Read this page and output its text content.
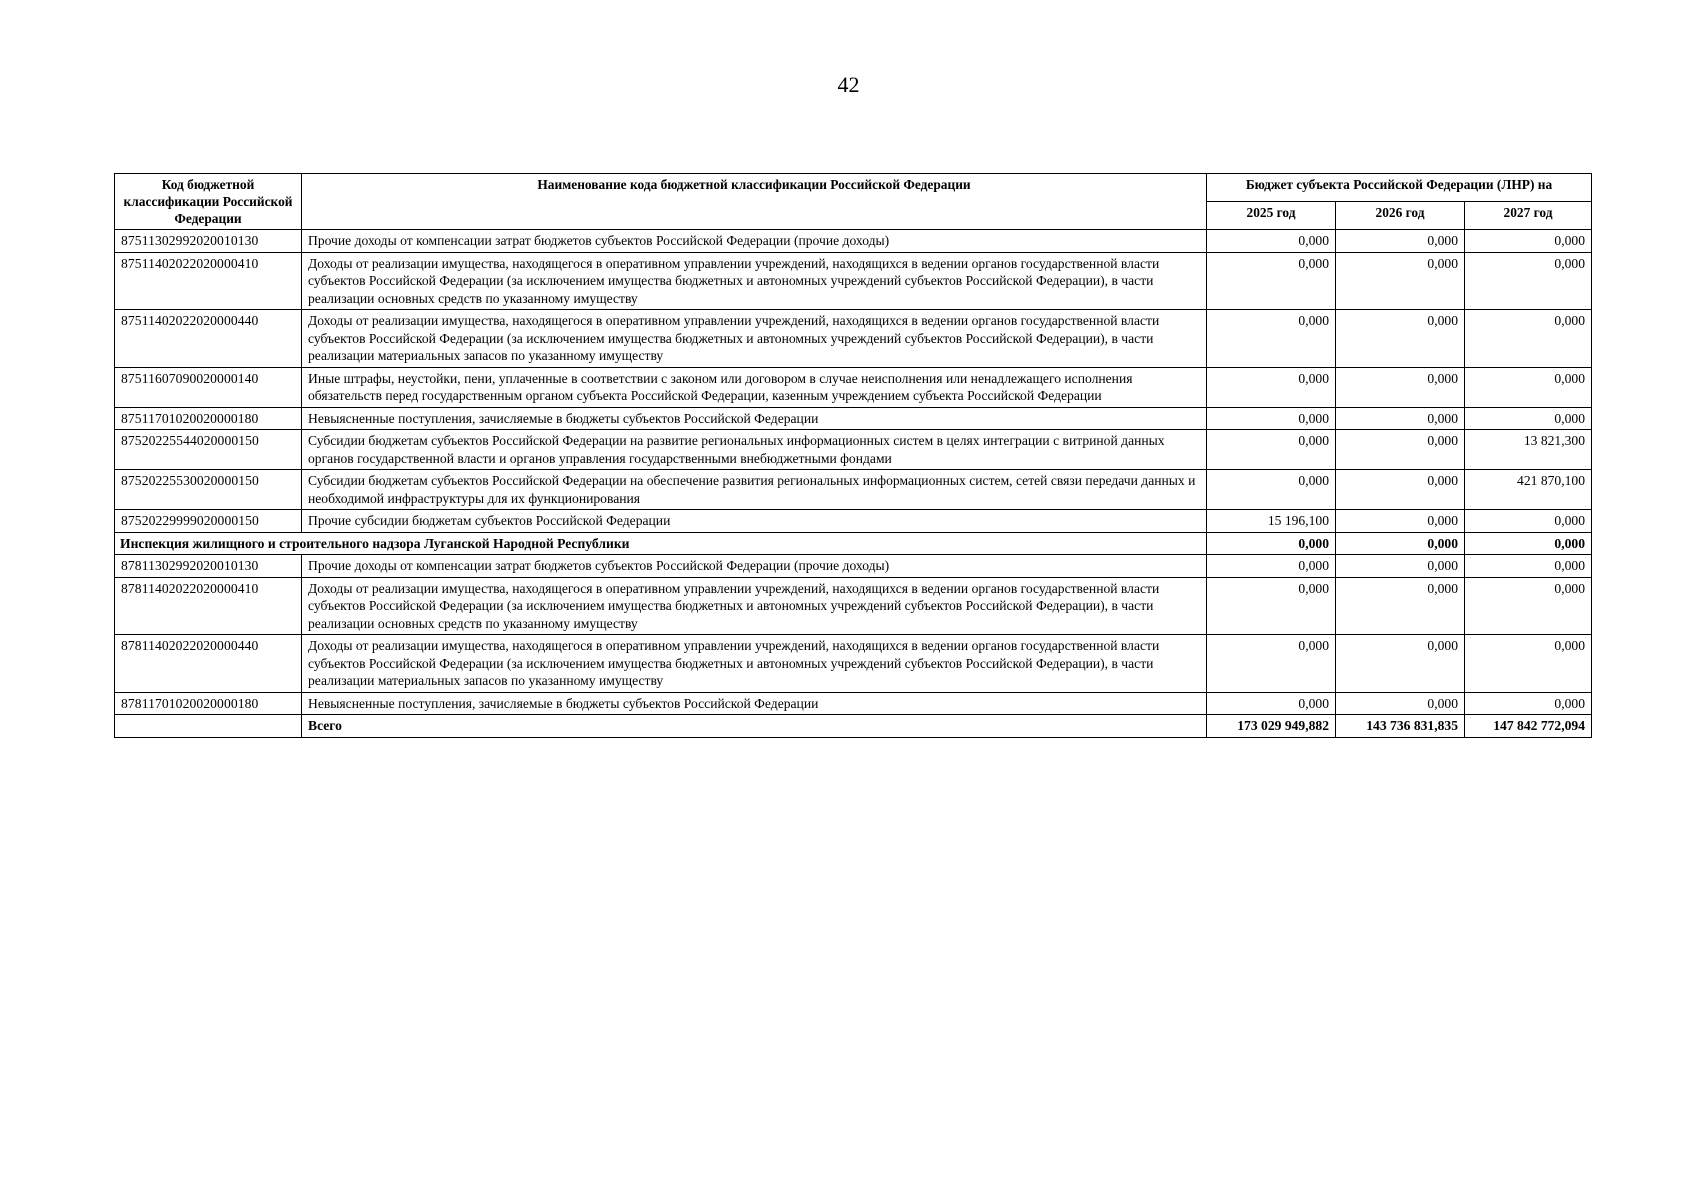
42
Код бюджетной классификации Российской Федерации	Наименование кода бюджетной классификации Российской Федерации	Бюджет субъекта Российской Федерации (ЛНР) на		
		2025 год	2026 год	2027 год
87511302992020010130	Прочие доходы от компенсации затрат бюджетов субъектов Российской Федерации (прочие доходы)	0,000	0,000	0,000
87511402022020000410	Доходы от реализации имущества, находящегося в оперативном управлении учреждений, находящихся в ведении органов государственной власти субъектов Российской Федерации (за исключением имущества бюджетных и автономных учреждений субъектов Российской Федерации), в части реализации основных средств по указанному имуществу	0,000	0,000	0,000
87511402022020000440	Доходы от реализации имущества, находящегося в оперативном управлении учреждений, находящихся в ведении органов государственной власти субъектов Российской Федерации (за исключением имущества бюджетных и автономных учреждений субъектов Российской Федерации), в части реализации материальных запасов по указанному имуществу	0,000	0,000	0,000
87511607090020000140	Иные штрафы, неустойки, пени, уплаченные в соответствии с законом или договором в случае неисполнения или ненадлежащего исполнения обязательств перед государственным органом субъекта Российской Федерации, казенным учреждением субъекта Российской Федерации	0,000	0,000	0,000
87511701020020000180	Невыясненные поступления, зачисляемые в бюджеты субъектов Российской Федерации	0,000	0,000	0,000
87520225544020000150	Субсидии бюджетам субъектов Российской Федерации на развитие региональных информационных систем в целях интеграции с витриной данных органов государственной власти и органов управления государственными внебюджетными фондами	0,000	0,000	13 821,300
87520225530020000150	Субсидии бюджетам субъектов Российской Федерации на обеспечение развития региональных информационных систем, сетей связи передачи данных и необходимой инфраструктуры для их функционирования	0,000	0,000	421 870,100
87520229999020000150	Прочие субсидии бюджетам субъектов Российской Федерации	15 196,100	0,000	0,000
Инспекция жилищного и строительного надзора Луганской Народной Республики		0,000	0,000	0,000
87811302992020010130	Прочие доходы от компенсации затрат бюджетов субъектов Российской Федерации (прочие доходы)	0,000	0,000	0,000
87811402022020000410	Доходы от реализации имущества, находящегося в оперативном управлении учреждений, находящихся в ведении органов государственной власти субъектов Российской Федерации (за исключением имущества бюджетных и автономных учреждений субъектов Российской Федерации), в части реализации основных средств по указанному имуществу	0,000	0,000	0,000
87811402022020000440	Доходы от реализации имущества, находящегося в оперативном управлении учреждений, находящихся в ведении органов государственной власти субъектов Российской Федерации (за исключением имущества бюджетных и автономных учреждений субъектов Российской Федерации), в части реализации материальных запасов по указанному имуществу	0,000	0,000	0,000
87811701020020000180	Невыясненные поступления, зачисляемые в бюджеты субъектов Российской Федерации	0,000	0,000	0,000
	Всего	173 029 949,882	143 736 831,835	147 842 772,094
